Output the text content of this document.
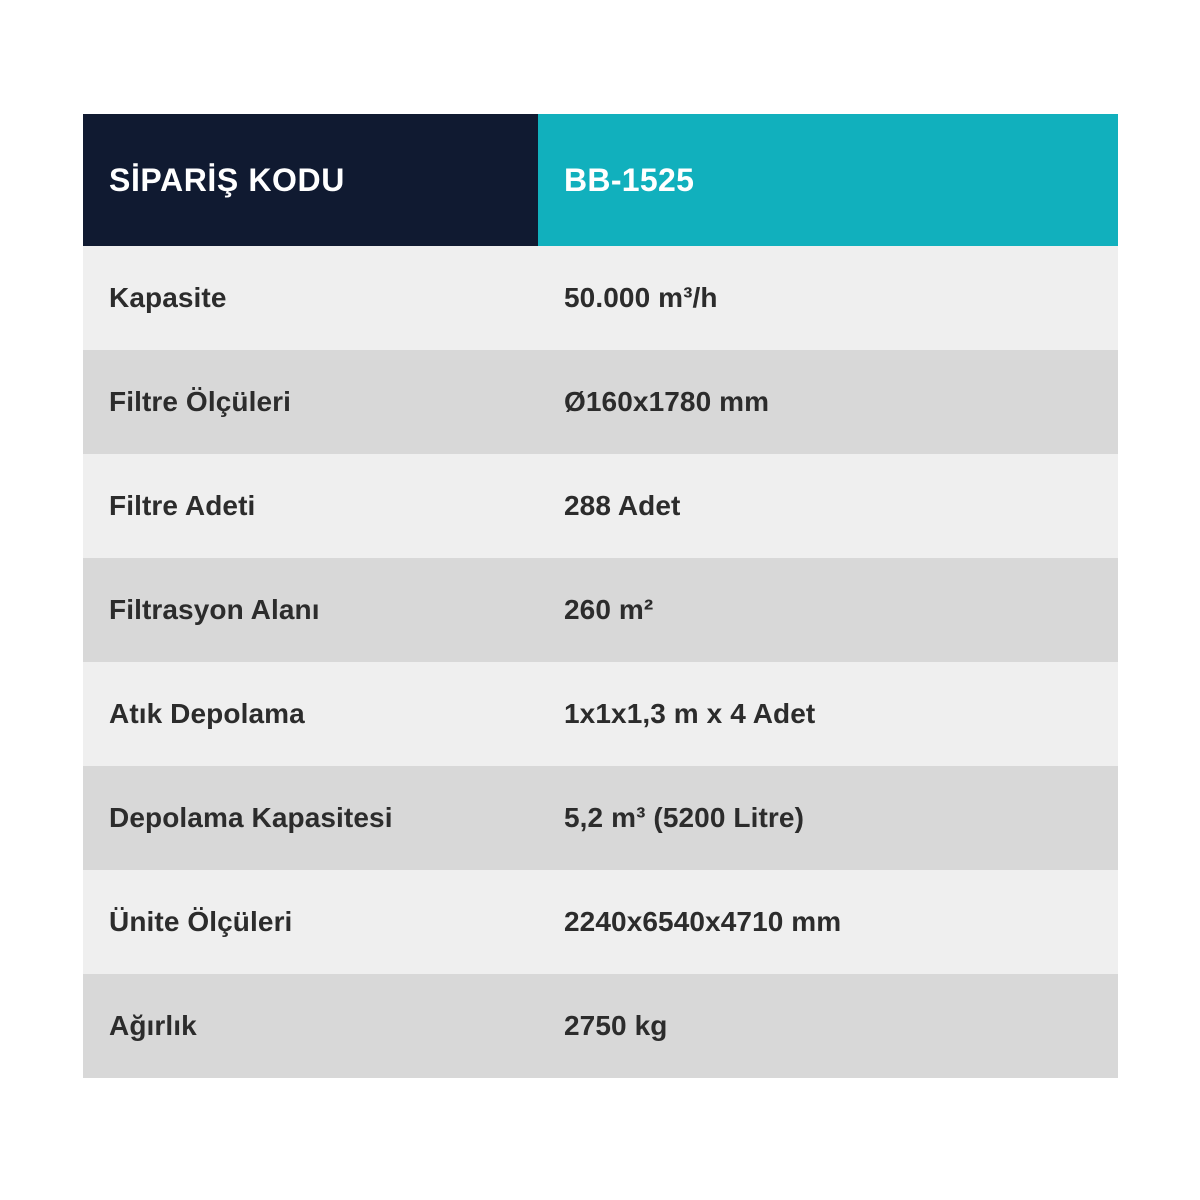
SİPARİŞ KODU	BB-1525
Kapasite	50.000 m³/h
Filtre Ölçüleri	Ø160x1780 mm
Filtre Adeti	288 Adet
Filtrasyon Alanı	260 m²
Atık Depolama	1x1x1,3 m x 4 Adet
Depolama Kapasitesi	5,2 m³ (5200 Litre)
Ünite Ölçüleri	2240x6540x4710 mm
Ağırlık	2750 kg
